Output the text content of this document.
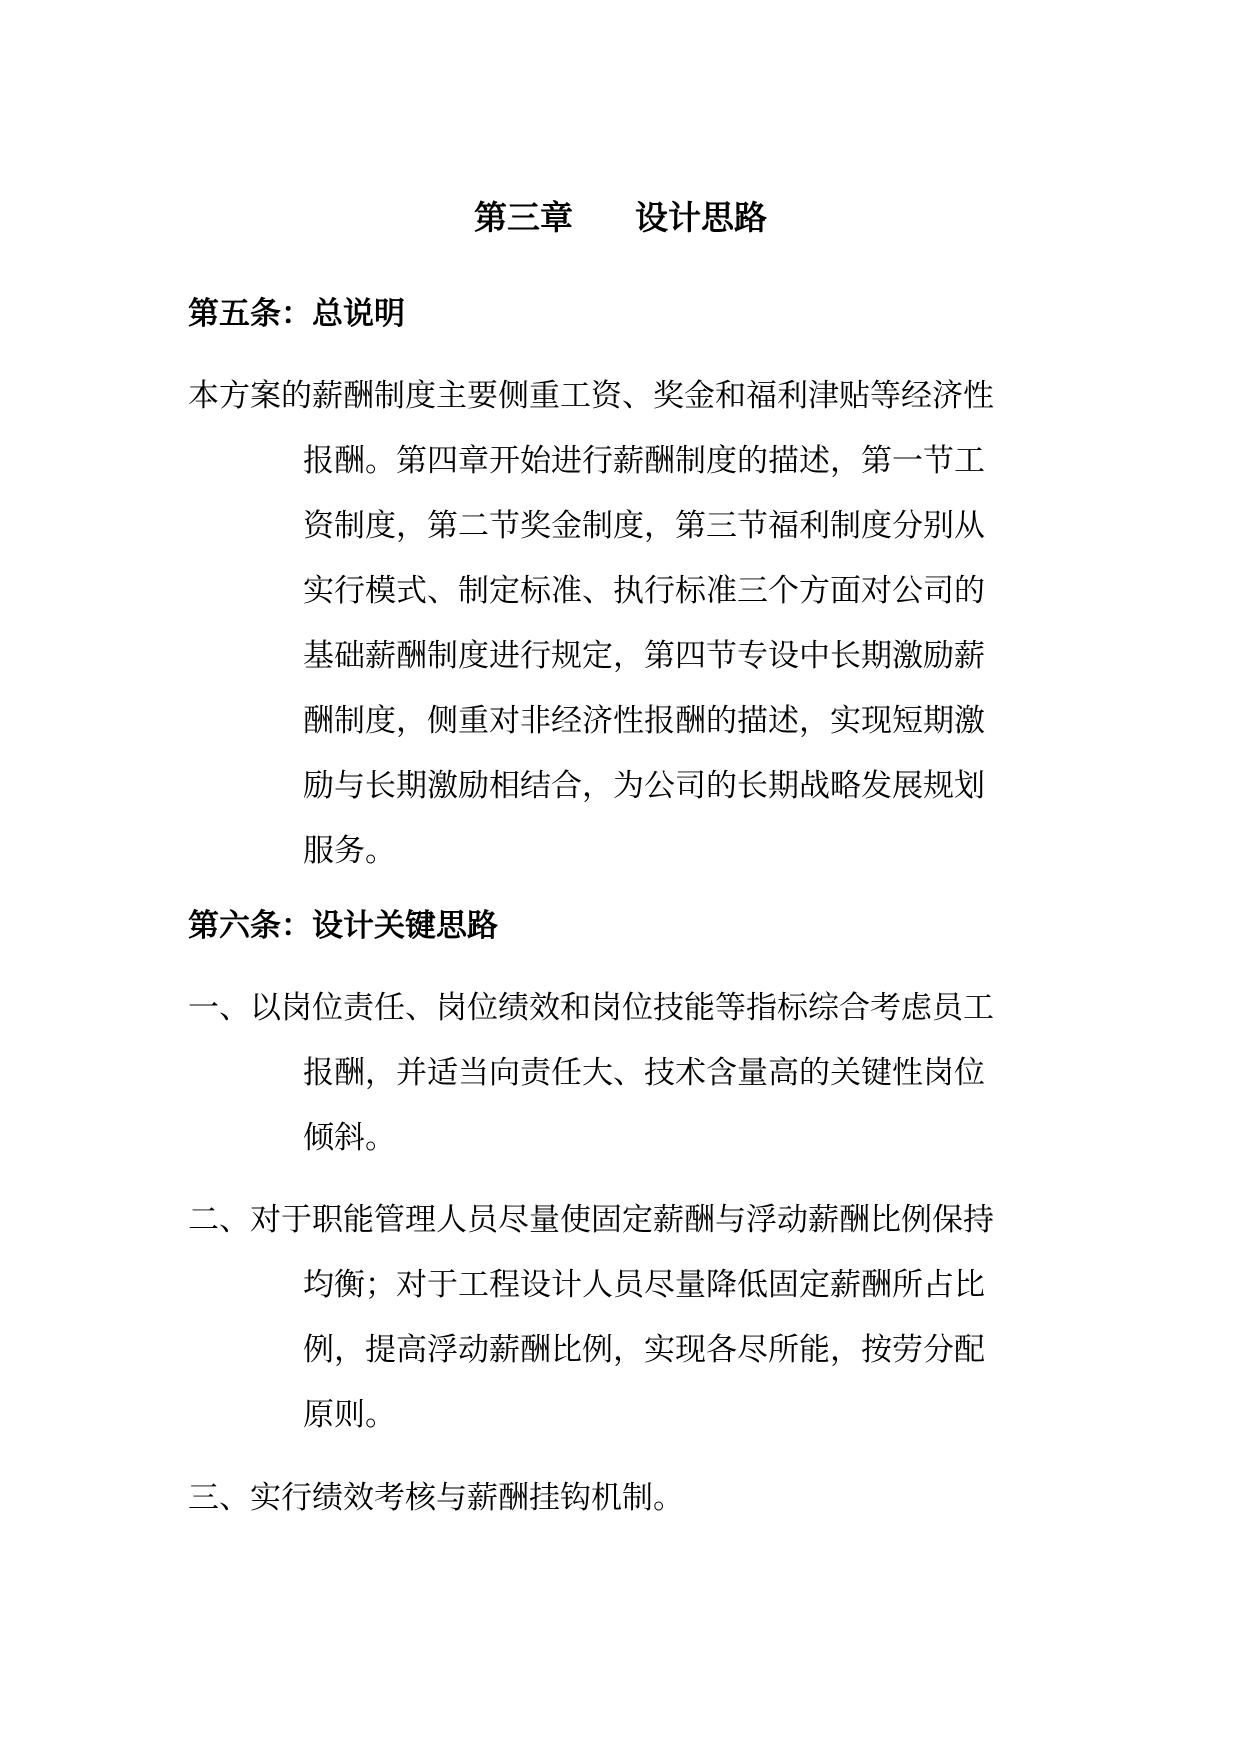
第三章 设计思路
第五条：总说明
本方案的薪酬制度主要侧重工资、奖金和福利津贴等经济性
报酬。第四章开始进行薪酬制度的描述，第一节工
资制度，第二节奖金制度，第三节福利制度分别从
实行模式、制定标准、执行标准三个方面对公司的
基础薪酬制度进行规定，第四节专设中长期激励薪
酬制度，侧重对非经济性报酬的描述，实现短期激
励与长期激励相结合，为公司的长期战略发展规划
服务。
第六条：设计关键思路
一、以岗位责任、岗位绩效和岗位技能等指标综合考虑员工
报酬，并适当向责任大、技术含量高的关键性岗位
倾斜。
二、对于职能管理人员尽量使固定薪酬与浮动薪酬比例保持
均衡；对于工程设计人员尽量降低固定薪酬所占比
例，提高浮动薪酬比例，实现各尽所能，按劳分配
原则。
三、实行绩效考核与薪酬挂钩机制。
